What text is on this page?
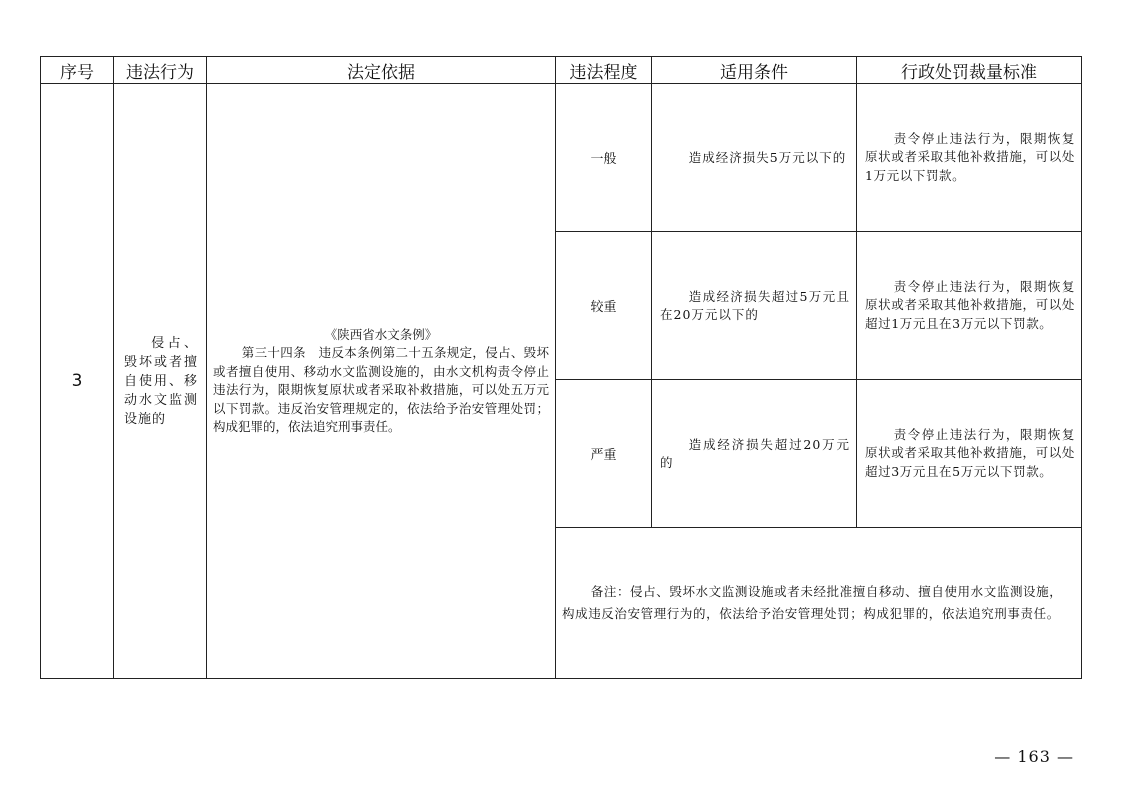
序号	违法行为	法定依据	违法程度	适用条件	行政处罚裁量标准
3	侵占、毁坏或者擅自使用、移动水文监测设施的	《陕西省水文条例》
第三十四条　违反本条例第二十五条规定，侵占、毁坏或者擅自使用、移动水文监测设施的，由水文机构责令停止违法行为，限期恢复原状或者采取补救措施，可以处五万元以下罚款。违反治安管理规定的，依法给予治安管理处罚；构成犯罪的，依法追究刑事责任。	一般	造成经济损失5万元以下的	责令停止违法行为，限期恢复原状或者采取其他补救措施，可以处1万元以下罚款。

			较重	造成经济损失超过5万元且在20万元以下的	责令停止违法行为，限期恢复原状或者采取其他补救措施，可以处超过1万元且在3万元以下罚款。

			严重	造成经济损失超过20万元的	责令停止违法行为，限期恢复原状或者采取其他补救措施，可以处超过3万元且在5万元以下罚款。

			备注：侵占、毁坏水文监测设施或者未经批准擅自移动、擅自使用水文监测设施，构成违反治安管理行为的，依法给予治安管理处罚；构成犯罪的，依法追究刑事责任。		
— 163 —
